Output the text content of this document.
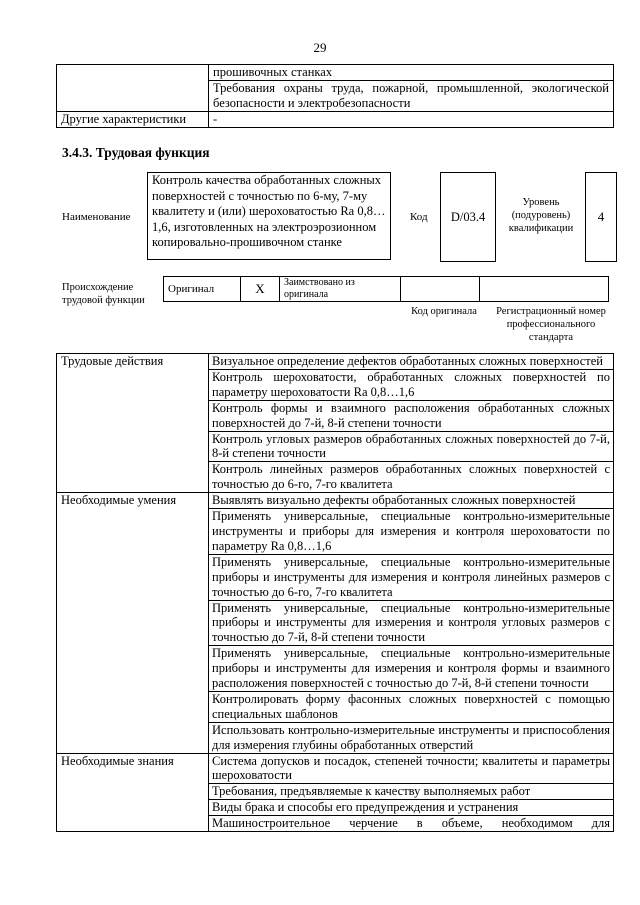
29

	прошивочных станках
Требования охраны труда, пожарной, промышленной, экологической безопасности и электробезопасности

Другие характеристики	-
3.4.3. Трудовая функция
Наименование
Контроль качества обработанных сложных поверхностей с точностью по 6-му, 7-му квалитету и (или) шероховатостью Ra 0,8…1,6, изготовленных на электроэрозионном копировально-прошивочном станке
Код D/03.4
Уровень (подуровень) квалификации
4
Происхождение трудовой функции
Оригинал	X	Заимствовано из оригинала		
Код оригинала	Регистрационный номер профессионального стандарта
Трудовые действия	Визуальное определение дефектов обработанных сложных поверхностей
	Контроль шероховатости, обработанных сложных поверхностей по параметру шероховатости Ra 0,8…1,6
	Контроль формы и взаимного расположения обработанных сложных поверхностей до 7-й, 8-й степени точности
	Контроль угловых размеров обработанных сложных поверхностей до 7-й, 8-й степени точности
	Контроль линейных размеров обработанных сложных поверхностей с точностью до 6-го, 7-го квалитета
Необходимые умения	Выявлять визуально дефекты обработанных сложных поверхностей
	Применять универсальные, специальные контрольно-измерительные инструменты и приборы для измерения и контроля шероховатости по параметру Ra 0,8…1,6
	Применять универсальные, специальные контрольно-измерительные приборы и инструменты для измерения и контроля линейных размеров с точностью до 6-го, 7-го квалитета
	Применять универсальные, специальные контрольно-измерительные приборы и инструменты для измерения и контроля угловых размеров с точностью до 7-й, 8-й степени точности
	Применять универсальные, специальные контрольно-измерительные приборы и инструменты для измерения и контроля формы и взаимного расположения поверхностей с точностью до 7-й, 8-й степени точности
	Контролировать форму фасонных сложных поверхностей с помощью специальных шаблонов
	Использовать контрольно-измерительные инструменты и приспособления для измерения глубины обработанных отверстий
Необходимые знания	Система допусков и посадок, степеней точности; квалитеты и параметры шероховатости
	Требования, предъявляемые к качеству выполняемых работ
	Виды брака и способы его предупреждения и устранения
	Машиностроительное черчение в объеме, необходимом для
